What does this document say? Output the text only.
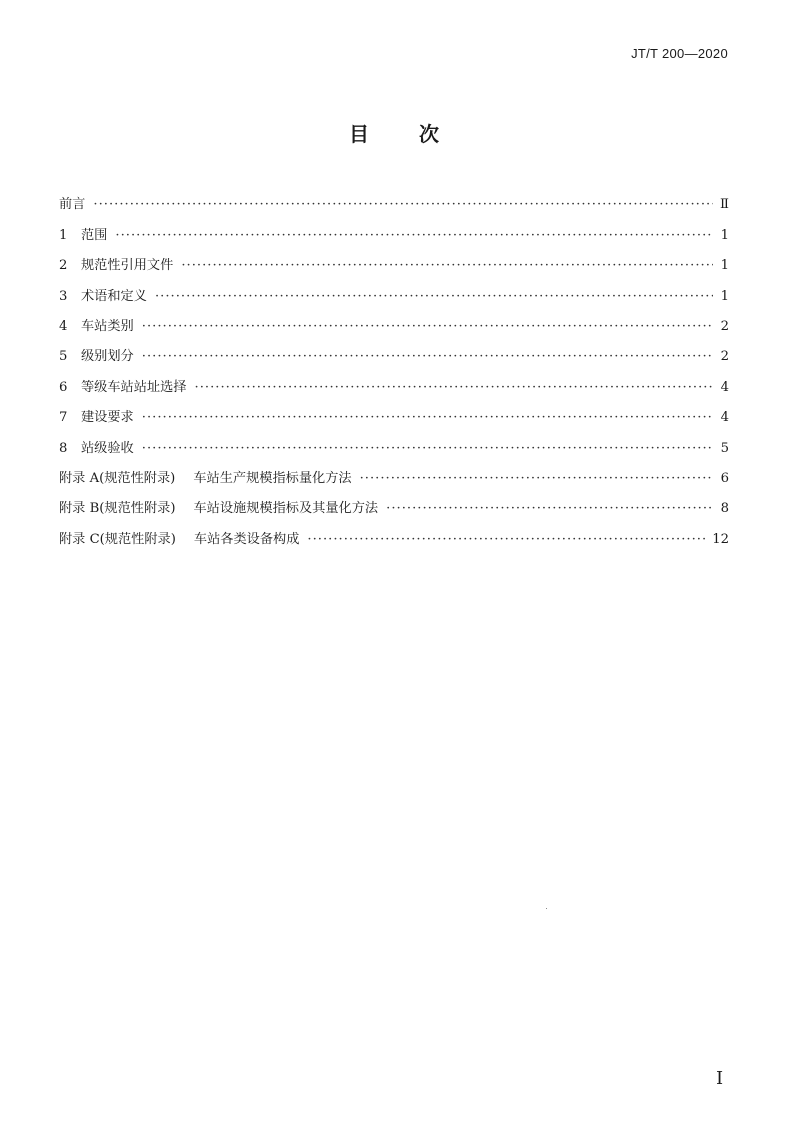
JT/T 200—2020
目 次
前言 ·····	Ⅱ
1	范围 ·····	1
2	规范性引用文件 ·····	1
3	术语和定义 ·····	1
4	车站类别 ·····	2
5	级别划分 ·····	2
6	等级车站站址选择 ·····	4
7	建设要求 ·····	4
8	站级验收 ·····	5
附录 A(规范性附录) 车站生产规模指标量化方法 ·····	6
附录 B(规范性附录) 车站设施规模指标及其量化方法 ·····	8
附录 C(规范性附录) 车站各类设备构成 ·····	12
I
